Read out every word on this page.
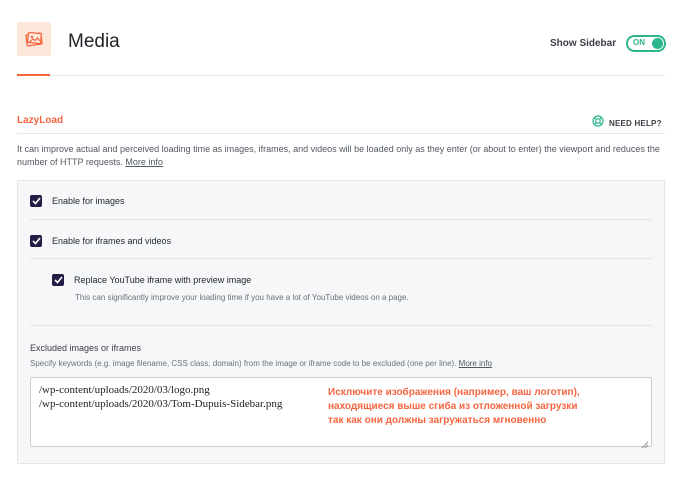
Media	Show Sidebar ON
LazyLoad	NEED HELP?
It can improve actual and perceived loading time as images, iframes, and videos will be loaded only as they enter (or about to enter) the viewport and reduces the number of HTTP requests. More info
Enable for images
Enable for iframes and videos
Replace YouTube iframe with preview image
This can significantly improve your loading time if you have a lot of YouTube videos on a page.
Excluded images or iframes
Specify keywords (e.g. image filename, CSS class, domain) from the image or iframe code to be excluded (one per line). More info
/wp-content/uploads/2020/03/logo.png
/wp-content/uploads/2020/03/Tom-Dupuis-Sidebar.png
Исключите изображения (например, ваш логотип),
находящиеся выше сгиба из отложенной загрузки
так как они должны загружаться мгновенно
